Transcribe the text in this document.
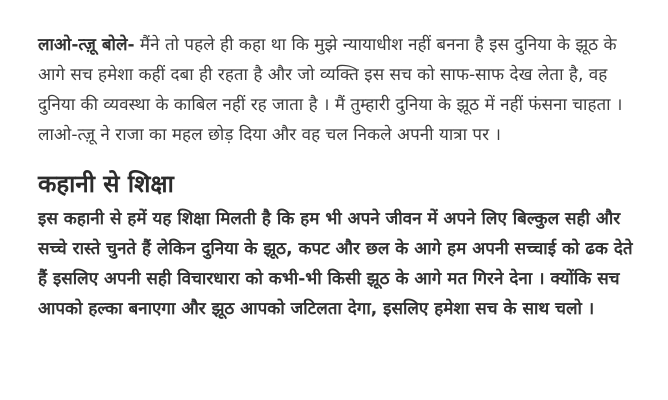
लाओ-त्ज़ू बोले- मैंने तो पहले ही कहा था कि मुझे न्यायाधीश नहीं बनना है इस दुनिया के झूठ के आगे सच हमेशा कहीं दबा ही रहता है और जो व्यक्ति इस सच को साफ-साफ देख लेता है, वह दुनिया की व्यवस्था के काबिल नहीं रह जाता है । मैं तुम्हारी दुनिया के झूठ में नहीं फंसना चाहता । लाओ-त्ज़ू ने राजा का महल छोड़ दिया और वह चल निकले अपनी यात्रा पर ।

कहानी से शिक्षा

इस कहानी से हमें यह शिक्षा मिलती है कि हम भी अपने जीवन में अपने लिए बिल्कुल सही और सच्चे रास्ते चुनते हैं लेकिन दुनिया के झूठ, कपट और छल के आगे हम अपनी सच्चाई को ढक देते हैं इसलिए अपनी सही विचारधारा को कभी-भी किसी झूठ के आगे मत गिरने देना । क्योंकि सच आपको हल्का बनाएगा और झूठ आपको जटिलता देगा, इसलिए हमेशा सच के साथ चलो ।
